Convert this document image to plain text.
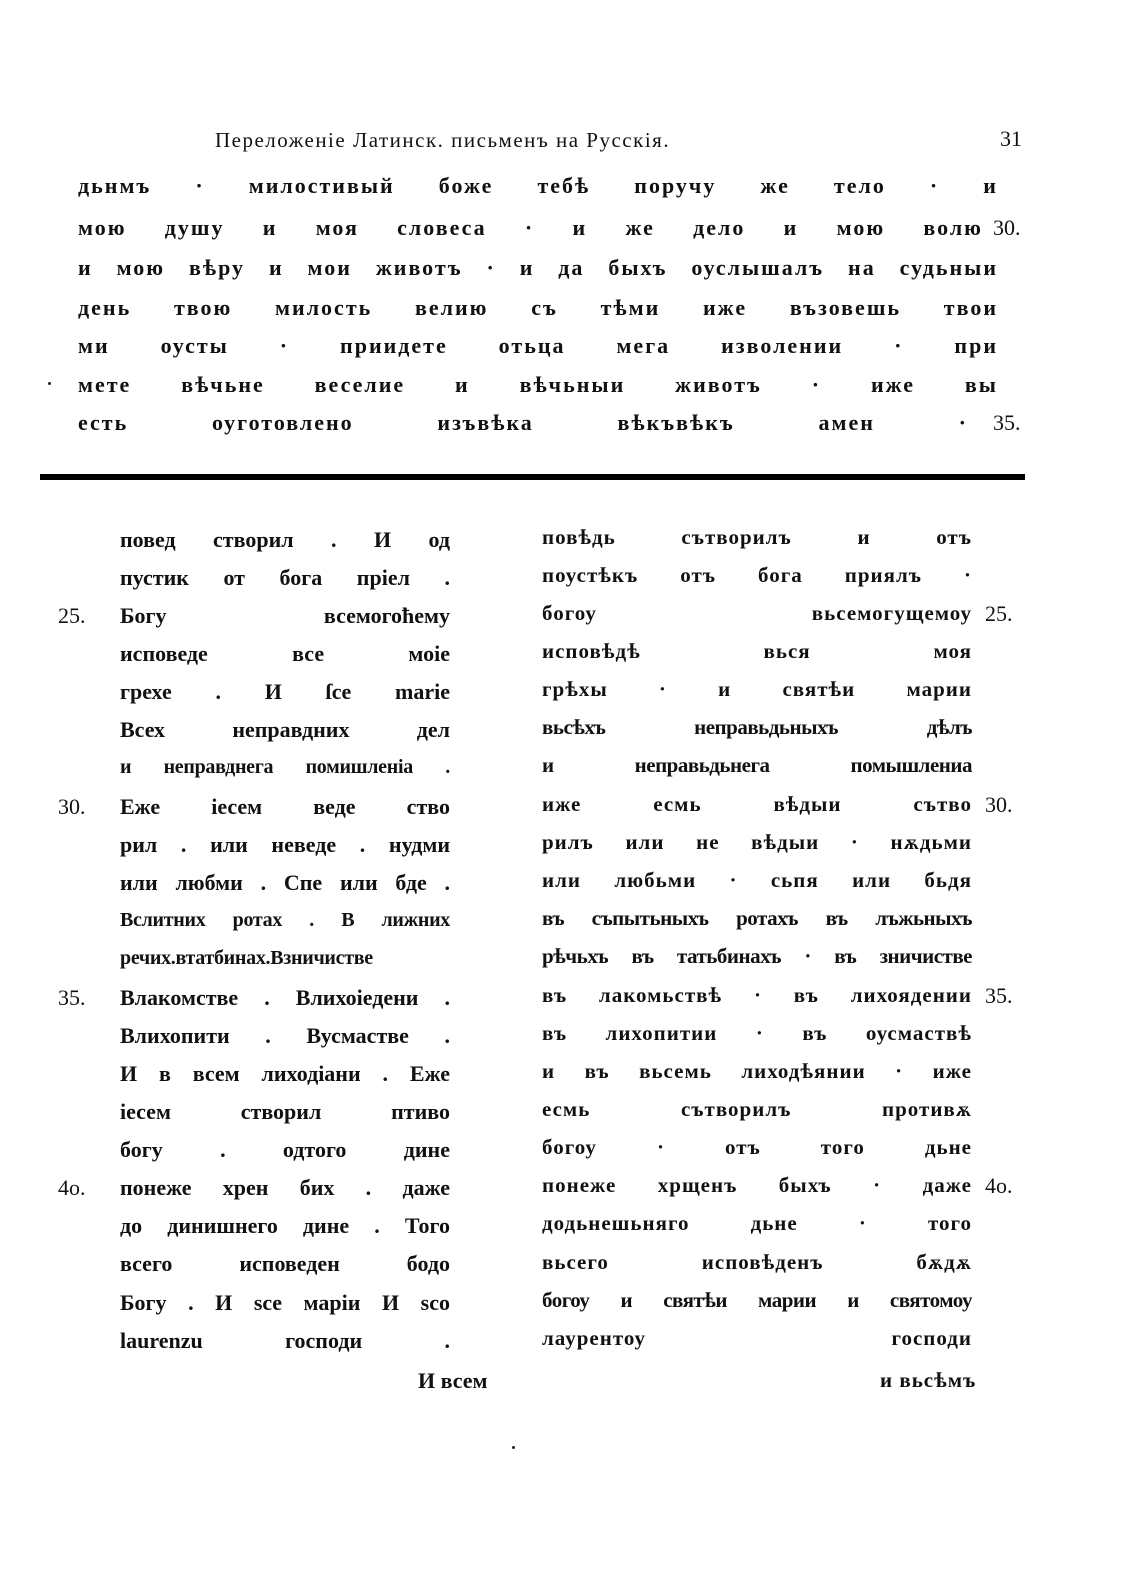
Переложеніе Латинск. письменъ на Русскія.	31
дьнмъ · милостивый боже тебѣ поручу же тело · и
мою душу и моя словеса · и же дело и мою волю 30.
и мою вѣру и мои животъ · и да быхъ оуслышалъ на судьныи
день твою милость велию съ тѣми иже възовешь твои
ми оусты · приидете отьца мега изволении · при
мете вѣчьне веселие и вѣчьныи животъ · иже вы
есть оуготовлено изъвѣка вѣкъвѣкъ амен · 35.
повед створил . И од
пустик от бога пріел .
25. Богу всемогоћему
исповеде все моіе
грехе . И ſce marie
Всех неправдних дел
и неправднега помишленіа .
30. Еже іесем веде ство
рил . или неведе . нудми
или любми . Спе или бде .
Вслитних ротах . В лижних
речих.втатбинах.Взничистве
35. Влакомстве . Влихоіедени .
Влихопити . Вусмастве .
И в всем лиходіани . Еже
іесем створил птиво
богу . одтого дине
4o. понеже хрен бих . даже
до динишнего дине . Того
всего исповеден бодо
Богу . И sce маріи И sco
laurenzu господи .
И всем
повѣдь сътворилъ и отъ
поустѣкъ отъ бога приялъ ·
богоу вьсемогущемоу 25.
исповѣдѣ вься моя
грѣхы · и святѣи марии
вьсѣхъ неправьдьныхъ дѣлъ
и неправьдьнега помышлениа
иже есмь вѣдыи сътво 30.
рилъ или не вѣдыи · нѫдьми
или любьми · сьпя или бьдя
въ съпытьныхъ ротахъ въ лъжьныхъ
рѣчьхъ въ татьбинахъ · въ зничистве
въ лакомьствѣ · въ лихоядении 35.
въ лихопитии · въ оусмаствѣ
и въ вьсемь лиходѣянии · иже
есмь сътворилъ противѫ
богоу · отъ того дьне
понеже хрщенъ быхъ · даже 4o.
додьнешьняго дьне · того
вьсего исповѣденъ бѫдѫ
богоу и святѣи марии и святомоу
лаурентоу господи
и вьсѣмъ
